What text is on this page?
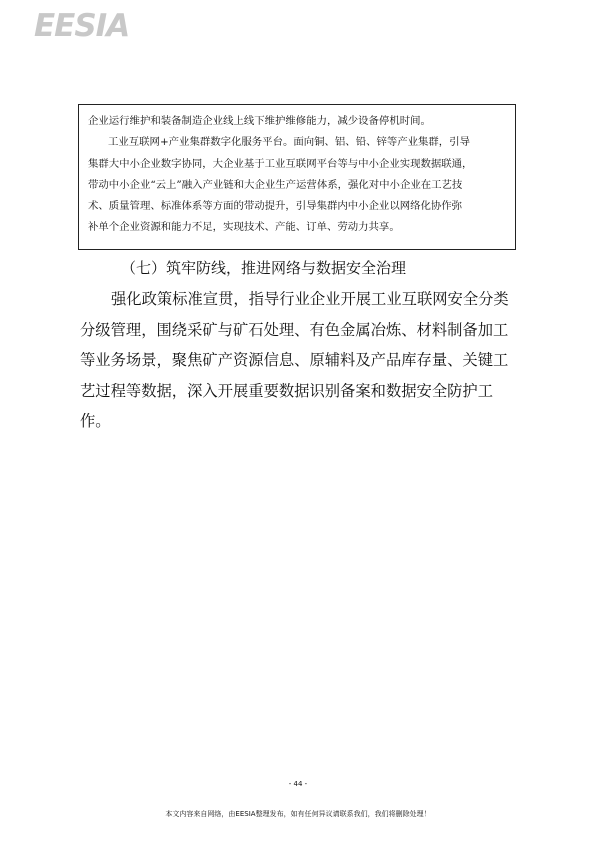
EESIA

企业运行维护和装备制造企业线上线下维护维修能力，减少设备停机时间。

工业互联网+产业集群数字化服务平台。面向铜、铝、铅、锌等产业集群，引导

集群大中小企业数字协同，大企业基于工业互联网平台等与中小企业实现数据联通，

带动中小企业“云上”融入产业链和大企业生产运营体系，强化对中小企业在工艺技

术、质量管理、标准体系等方面的带动提升，引导集群内中小企业以网络化协作弥

补单个企业资源和能力不足，实现技术、产能、订单、劳动力共享。

（七）筑牢防线，推进网络与数据安全治理
强化政策标准宣贯，指导行业企业开展工业互联网安全分类
分级管理，围绕采矿与矿石处理、有色金属冶炼、材料制备加工
等业务场景，聚焦矿产资源信息、原辅料及产品库存量、关键工
艺过程等数据，深入开展重要数据识别备案和数据安全防护工
作。
- 44 -
本文内容来自网络，由EESIA整理发布，如有任何异议请联系我们，我们将删除处理！
